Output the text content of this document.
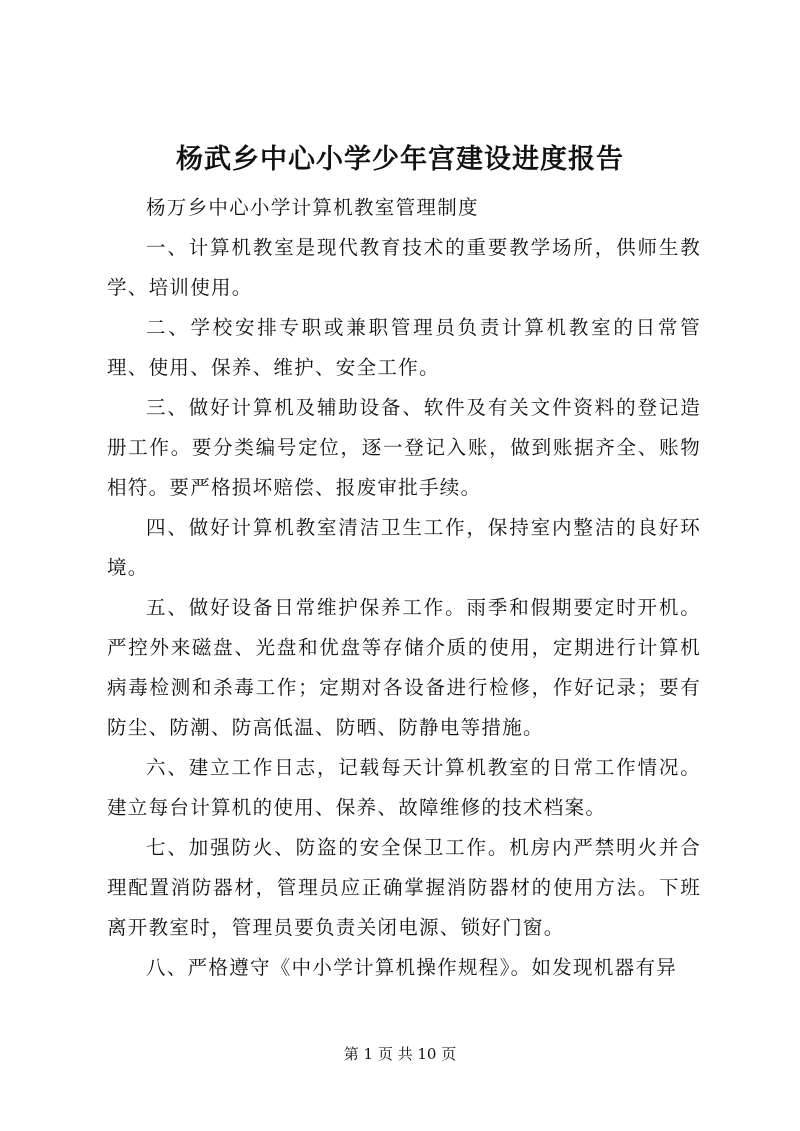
杨武乡中心小学少年宫建设进度报告

杨万乡中心小学计算机教室管理制度

一、计算机教室是现代教育技术的重要教学场所，供师生教学、培训使用。

二、学校安排专职或兼职管理员负责计算机教室的日常管理、使用、保养、维护、安全工作。

三、做好计算机及辅助设备、软件及有关文件资料的登记造册工作。要分类编号定位，逐一登记入账，做到账据齐全、账物相符。要严格损坏赔偿、报废审批手续。

四、做好计算机教室清洁卫生工作，保持室内整洁的良好环境。

五、做好设备日常维护保养工作。雨季和假期要定时开机。严控外来磁盘、光盘和优盘等存储介质的使用，定期进行计算机病毒检测和杀毒工作；定期对各设备进行检修，作好记录；要有防尘、防潮、防高低温、防晒、防静电等措施。

六、建立工作日志，记载每天计算机教室的日常工作情况。建立每台计算机的使用、保养、故障维修的技术档案。

七、加强防火、防盗的安全保卫工作。机房内严禁明火并合理配置消防器材，管理员应正确掌握消防器材的使用方法。下班离开教室时，管理员要负责关闭电源、锁好门窗。

八、严格遵守《中小学计算机操作规程》。如发现机器有异

第 1 页 共 10 页
